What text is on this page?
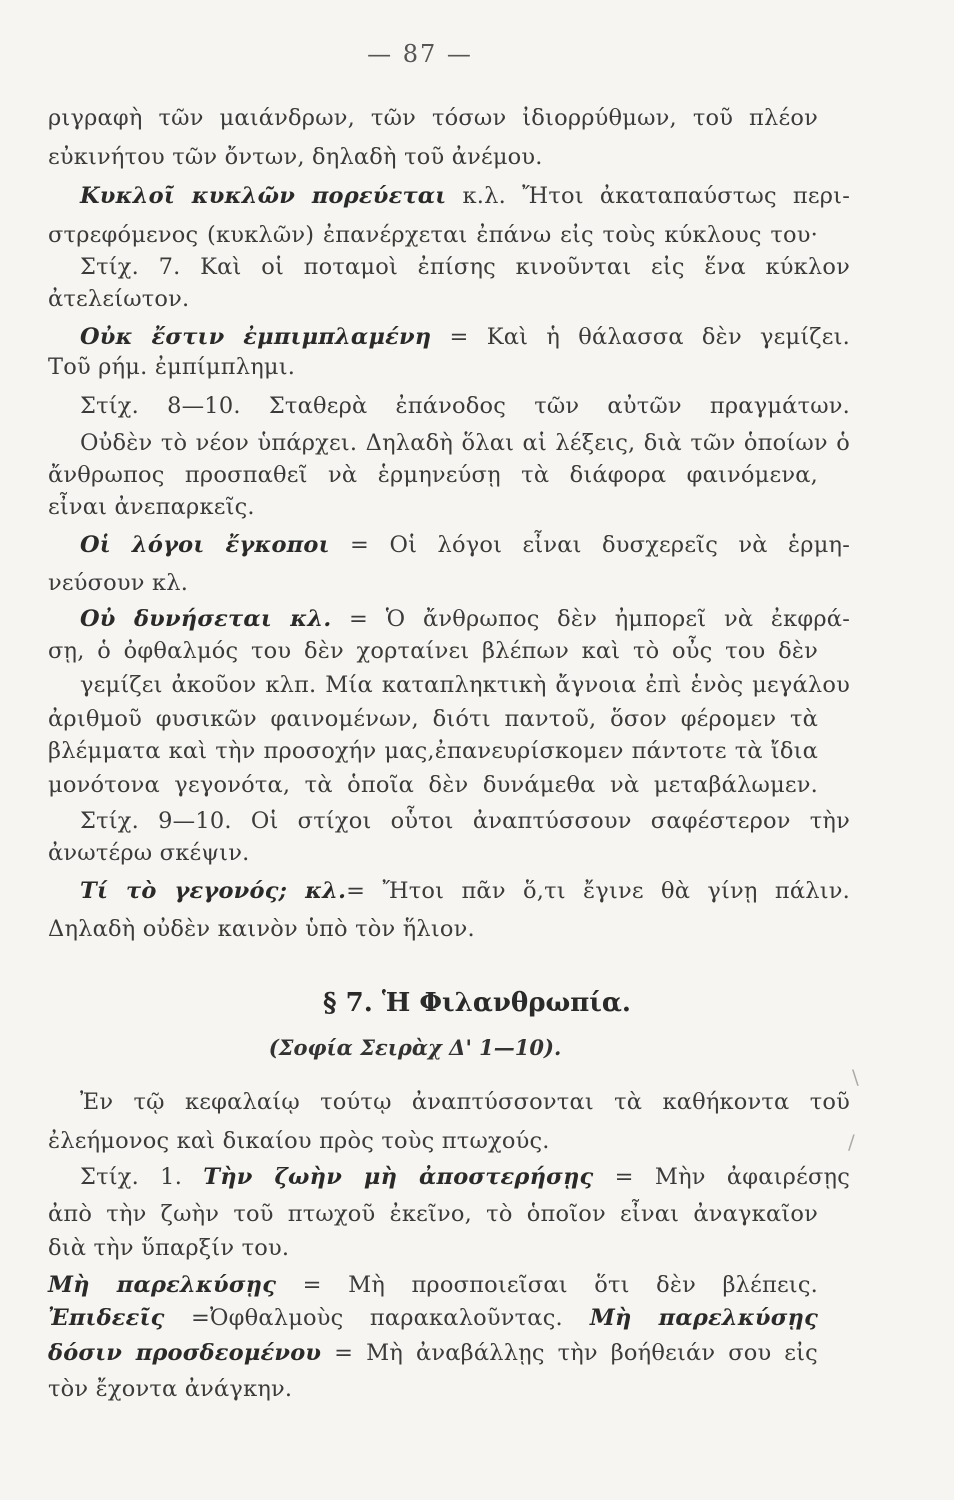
— 87 —
ριγραφὴ τῶν μαιάνδρων, τῶν τόσων ἰδιορρύθμων, τοῦ πλέον
εὐκινήτου τῶν ὄντων, δηλαδὴ τοῦ ἀνέμου.
Κυκλοῖ κυκλῶν πορεύεται κ.λ. Ἤτοι ἀκαταπαύστως περι-
στρεφόμενος (κυκλῶν) ἐπανέρχεται ἐπάνω εἰς τοὺς κύκλους του·
Στίχ. 7. Καὶ οἱ ποταμοὶ ἐπίσης κινοῦνται εἰς ἕνα κύκλον
ἀτελείωτον.
Οὐκ ἔστιν ἐμπιμπλαμένη = Καὶ ἡ θάλασσα δὲν γεμίζει.
Τοῦ ρήμ. ἐμπίμπλημι.
Στίχ. 8—10. Σταθερὰ ἐπάνοδος τῶν αὐτῶν πραγμάτων.
Οὐδὲν τὸ νέον ὑπάρχει. Δηλαδὴ ὅλαι αἱ λέξεις, διὰ τῶν ὁποίων ὁ
ἄνθρωπος προσπαθεῖ νὰ ἑρμηνεύσῃ τὰ διάφορα φαινόμενα,
εἶναι ἀνεπαρκεῖς.
Οἱ λόγοι ἔγκοποι = Οἱ λόγοι εἶναι δυσχερεῖς νὰ ἑρμη-
νεύσουν κλ.
Οὐ δυνήσεται κλ. = Ὁ ἄνθρωπος δὲν ἠμπορεῖ νὰ ἐκφρά-
σῃ, ὁ ὀφθαλμός του δὲν χορταίνει βλέπων καὶ τὸ οὖς του δὲν
γεμίζει ἀκοῦον κλπ. Μία καταπληκτικὴ ἄγνοια ἐπὶ ἑνὸς μεγάλου
ἀριθμοῦ φυσικῶν φαινομένων, διότι παντοῦ, ὅσον φέρομεν τὰ
βλέμματα καὶ τὴν προσοχήν μας,ἐπανευρίσκομεν πάντοτε τὰ ἴδια
μονότονα γεγονότα, τὰ ὁποῖα δὲν δυνάμεθα νὰ μεταβάλωμεν.
Στίχ. 9—10. Οἱ στίχοι οὗτοι ἀναπτύσσουν σαφέστερον τὴν
ἀνωτέρω σκέψιν.
Τί τὸ γεγονός; κλ.= Ἤτοι πᾶν ὅ,τι ἔγινε θὰ γίνῃ πάλιν.
Δηλαδὴ οὐδὲν καινὸν ὑπὸ τὸν ἥλιον.
Ἐν τῷ κεφαλαίῳ τούτῳ ἀναπτύσσονται τὰ καθήκοντα τοῦ
ἐλεήμονος καὶ δικαίου πρὸς τοὺς πτωχούς.
Στίχ. 1. Τὴν ζωὴν μὴ ἀποστερήσῃς = Μὴν ἀφαιρέσῃς
ἀπὸ τὴν ζωὴν τοῦ πτωχοῦ ἐκεῖνο, τὸ ὁποῖον εἶναι ἀναγκαῖον
διὰ τὴν ὕπαρξίν του.
Μὴ παρελκύσῃς = Μὴ προσποιεῖσαι ὅτι δὲν βλέπεις.
Ἐπιδεεῖς =Ὀφθαλμοὺς παρακαλοῦντας. Μὴ παρελκύσῃς
δόσιν προσδεομένου = Μὴ ἀναβάλλῃς τὴν βοήθειάν σου εἰς
τὸν ἔχοντα ἀνάγκην.
§ 7. Ἡ Φιλανθρωπία.
(Σοφία Σειρὰχ Δ' 1—10).
\
/
